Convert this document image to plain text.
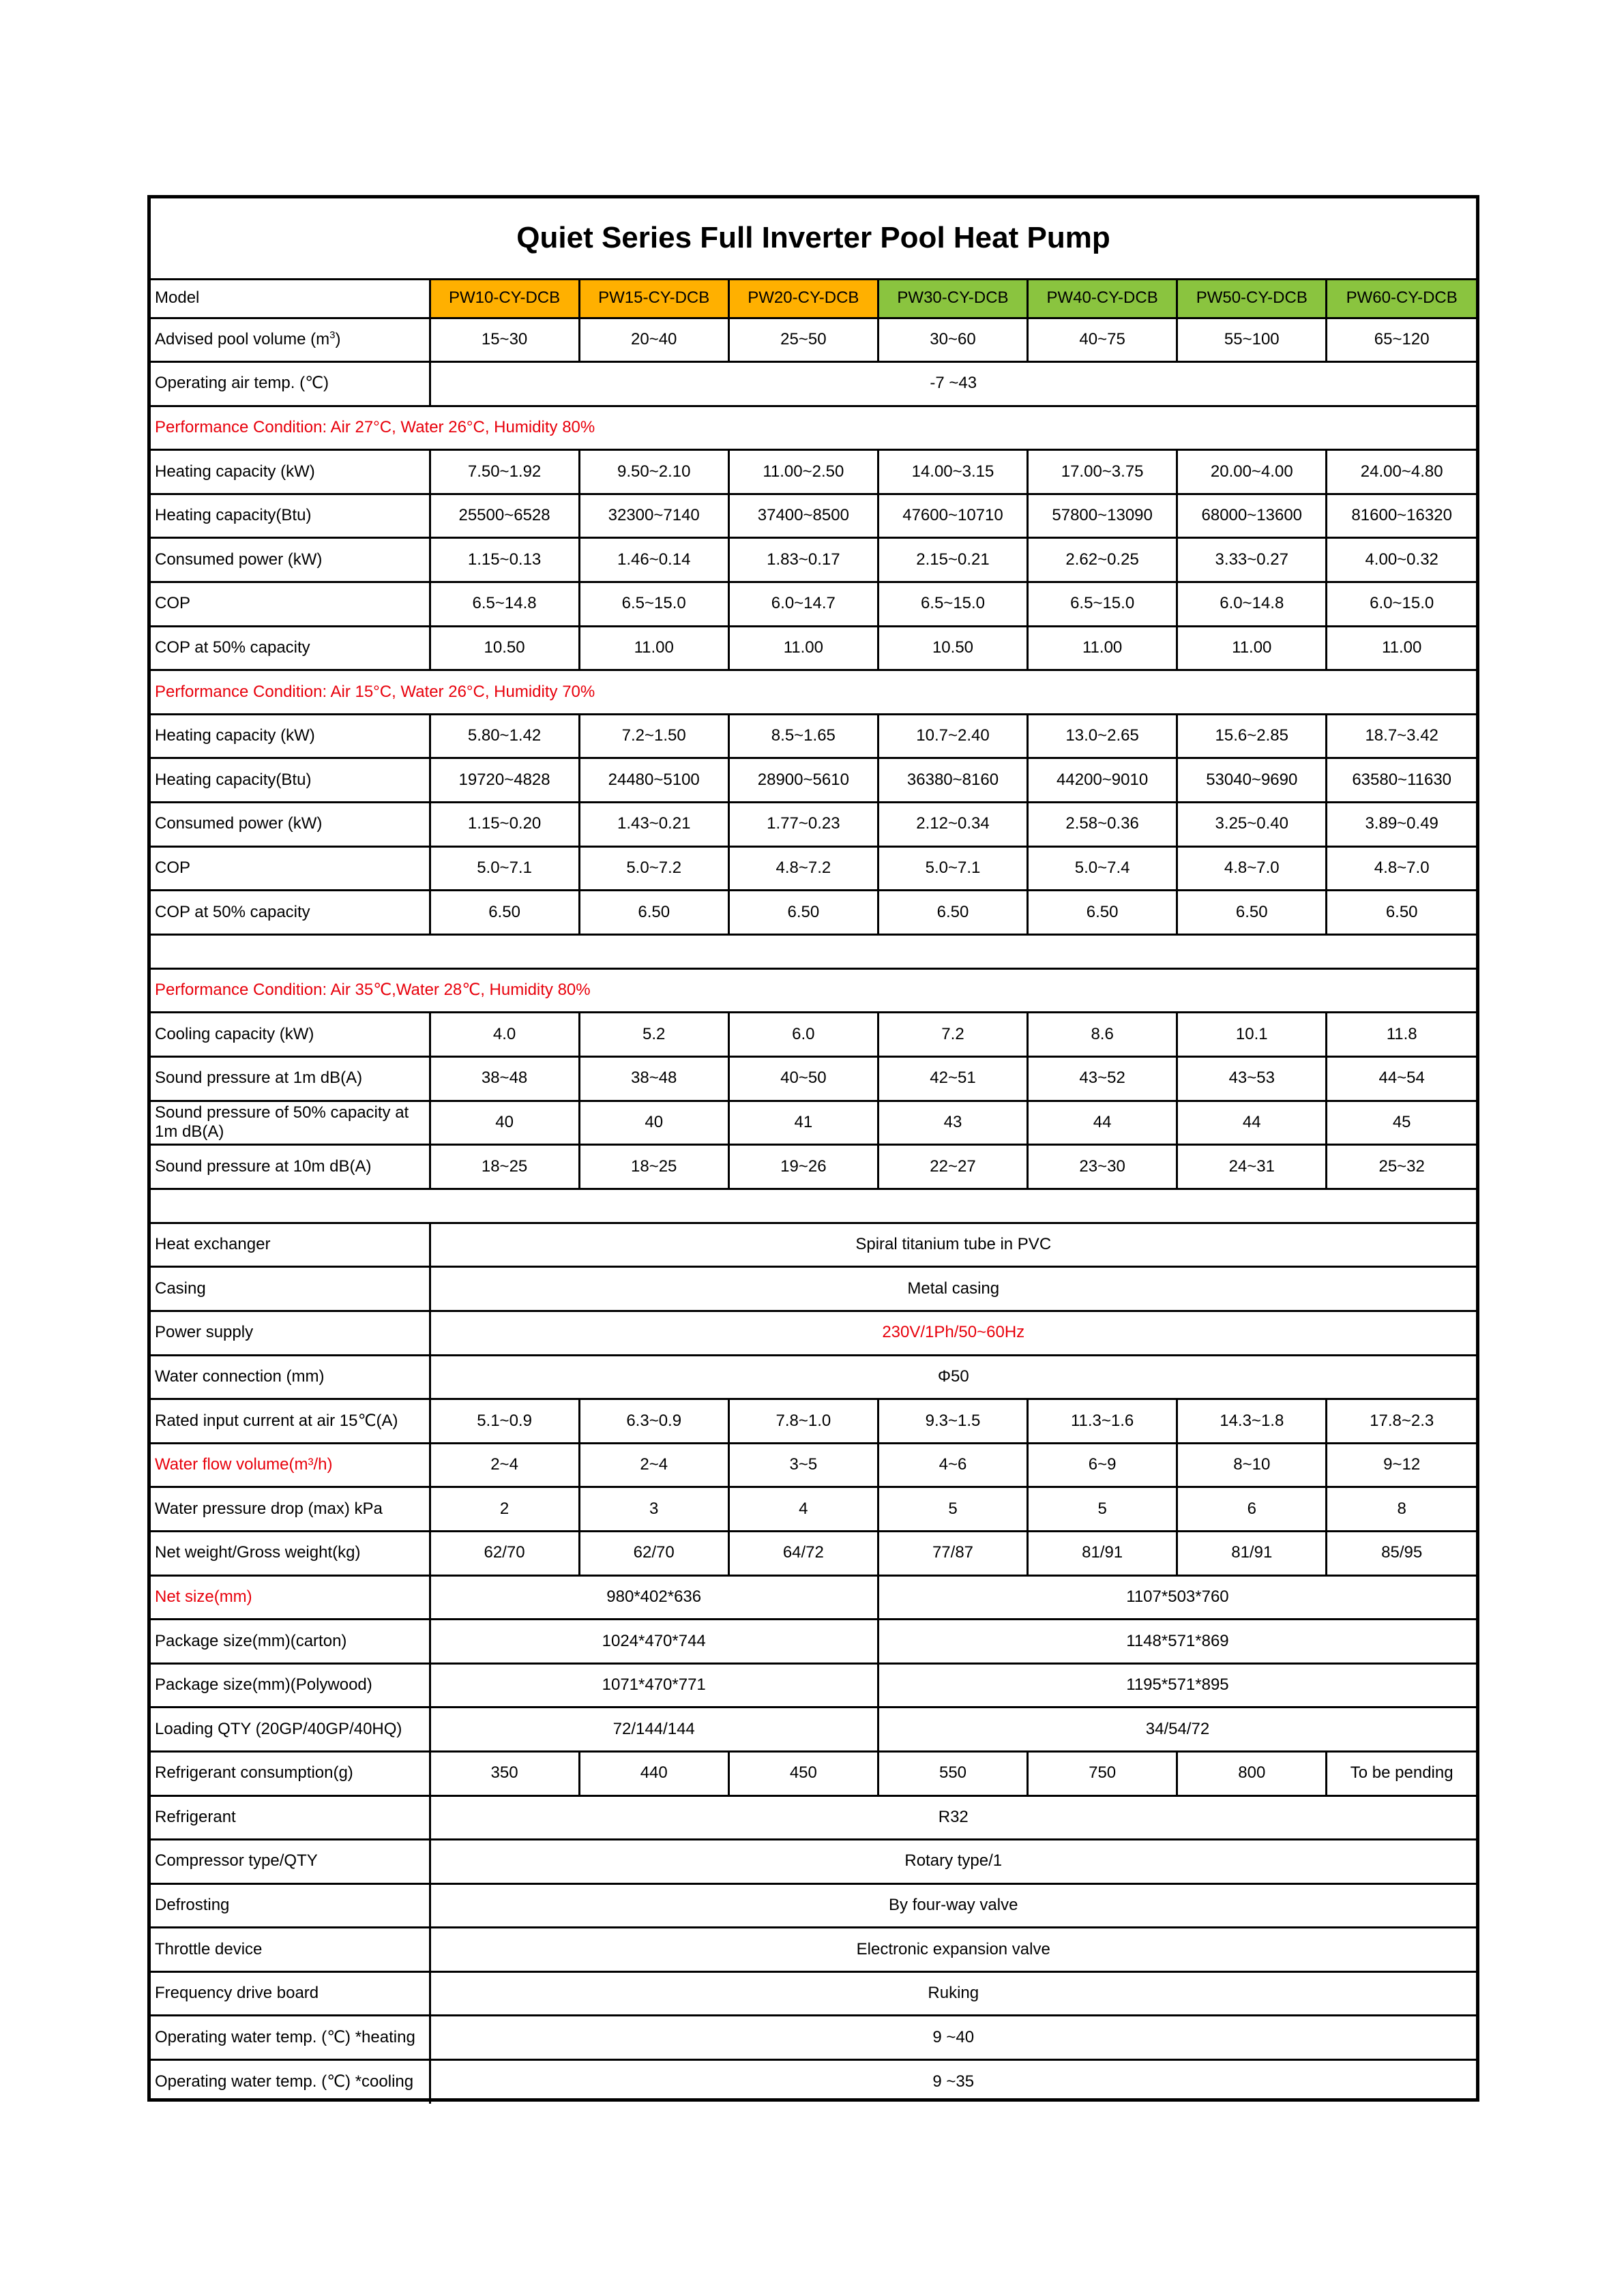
Quiet Series Full Inverter Pool Heat Pump							
Model	PW10-CY-DCB	PW15-CY-DCB	PW20-CY-DCB	PW30-CY-DCB	PW40-CY-DCB	PW50-CY-DCB	PW60-CY-DCB
Advised pool volume $(m^3)$	15~30	20~40	25~50	30~60	40~75	55~100	65~120
Operating air temp. (℃)	-7 ~43						
Performance Condition: Air 27°C, Water 26°C, Humidity 80%							
Heating capacity (kW)	7.50~1.92	9.50~2.10	11.00~2.50	14.00~3.15	17.00~3.75	20.00~4.00	24.00~4.80
Heating capacity(Btu)	25500~6528	32300~7140	37400~8500	47600~10710	57800~13090	68000~13600	81600~16320
Consumed power (kW)	1.15~0.13	1.46~0.14	1.83~0.17	2.15~0.21	2.62~0.25	3.33~0.27	4.00~0.32
COP	6.5~14.8	6.5~15.0	6.0~14.7	6.5~15.0	6.5~15.0	6.0~14.8	6.0~15.0
COP at 50% capacity	10.50	11.00	11.00	10.50	11.00	11.00	11.00
Performance Condition: Air 15°C, Water 26°C, Humidity 70%							
Heating capacity (kW)	5.80~1.42	7.2~1.50	8.5~1.65	10.7~2.40	13.0~2.65	15.6~2.85	18.7~3.42
Heating capacity(Btu)	19720~4828	24480~5100	28900~5610	36380~8160	44200~9010	53040~9690	63580~11630
Consumed power (kW)	1.15~0.20	1.43~0.21	1.77~0.23	2.12~0.34	2.58~0.36	3.25~0.40	3.89~0.49
COP	5.0~7.1	5.0~7.2	4.8~7.2	5.0~7.1	5.0~7.4	4.8~7.0	4.8~7.0
COP at 50% capacity	6.50	6.50	6.50	6.50	6.50	6.50	6.50

Performance Condition: Air 35℃,Water 28℃, Humidity 80%							
Cooling capacity (kW)	4.0	5.2	6.0	7.2	8.6	10.1	11.8
Sound pressure at 1m dB(A)	38~48	38~48	40~50	42~51	43~52	43~53	44~54
Sound pressure of 50% capacity at 1m dB(A)	40	40	41	43	44	44	45
Sound pressure at 10m dB(A)	18~25	18~25	19~26	22~27	23~30	24~31	25~32

Heat exchanger	Spiral titanium tube in PVC						
Casing	Metal casing						
Power supply	230V/1Ph/50~60Hz						
Water connection (mm)	Φ50						
Rated input current at air 15℃(A)	5.1~0.9	6.3~0.9	7.8~1.0	9.3~1.5	11.3~1.6	14.3~1.8	17.8~2.3
Water flow volume(m³/h)	2~4	2~4	3~5	4~6	6~9	8~10	9~12
Water pressure drop (max) kPa	2	3	4	5	5	6	8
Net weight/Gross weight(kg)	62/70	62/70	64/72	77/87	81/91	81/91	85/95
Net size(mm)	980*402*636			1107*503*760			
Package size(mm)(carton)	1024*470*744			1148*571*869			
Package size(mm)(Polywood)	1071*470*771			1195*571*895			
Loading QTY (20GP/40GP/40HQ)	72/144/144			34/54/72			
Refrigerant consumption(g)	350	440	450	550	750	800	To be pending
Refrigerant	R32						
Compressor type/QTY	Rotary type/1						
Defrosting	By four-way valve						
Throttle device	Electronic expansion valve						
Frequency drive board	Ruking						
Operating water temp. (℃) *heating	9 ~40						
Operating water temp. (℃) *cooling	9 ~35						
